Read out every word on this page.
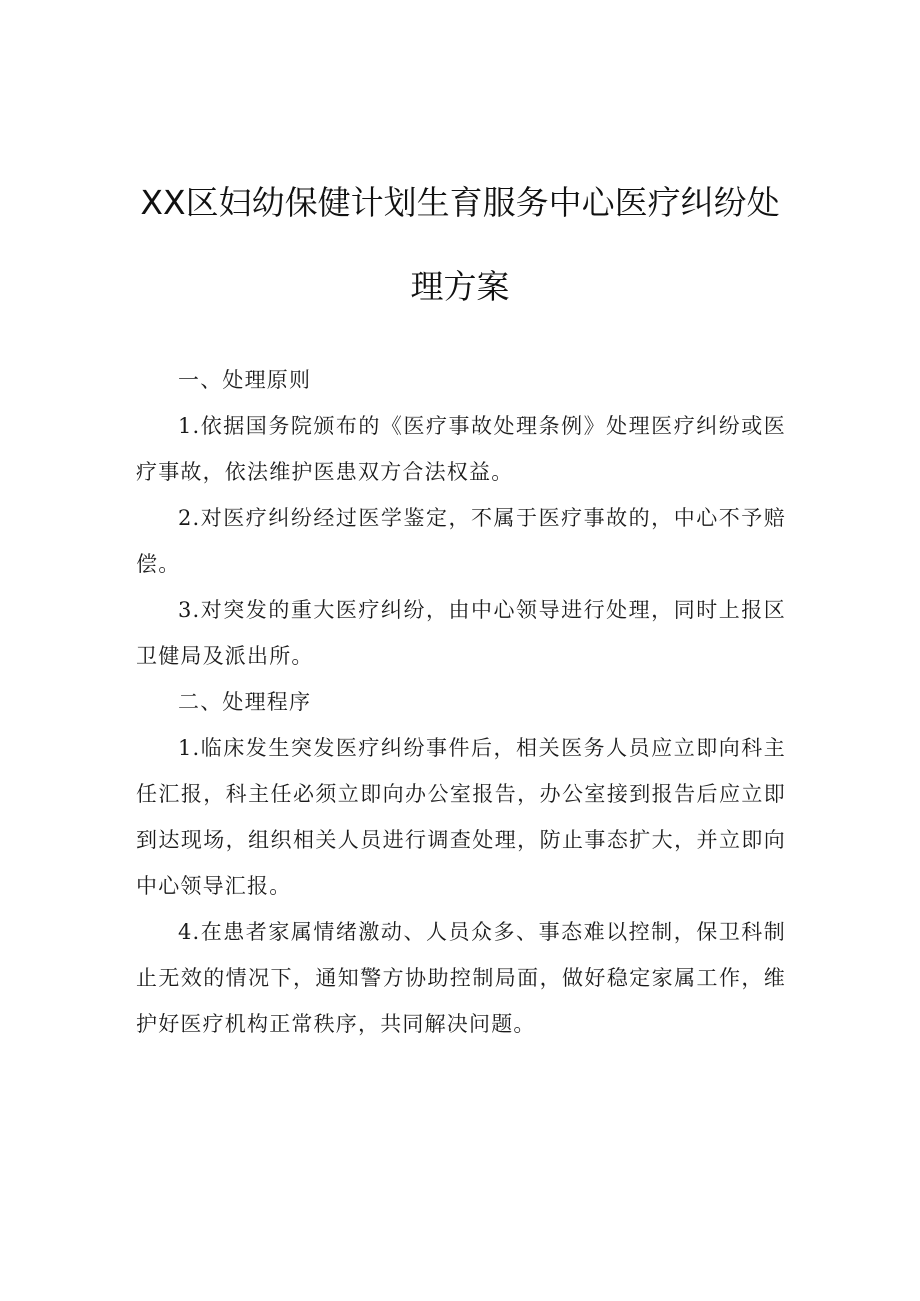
XX区妇幼保健计划生育服务中心医疗纠纷处
理方案

一、处理原则

1.依据国务院颁布的《医疗事故处理条例》处理医疗纠纷或医疗事故，依法维护医患双方合法权益。

2.对医疗纠纷经过医学鉴定，不属于医疗事故的，中心不予赔偿。

3.对突发的重大医疗纠纷，由中心领导进行处理，同时上报区卫健局及派出所。

二、处理程序

1.临床发生突发医疗纠纷事件后，相关医务人员应立即向科主任汇报，科主任必须立即向办公室报告，办公室接到报告后应立即到达现场，组织相关人员进行调查处理，防止事态扩大，并立即向中心领导汇报。

4.在患者家属情绪激动、人员众多、事态难以控制，保卫科制止无效的情况下，通知警方协助控制局面，做好稳定家属工作，维护好医疗机构正常秩序，共同解决问题。
